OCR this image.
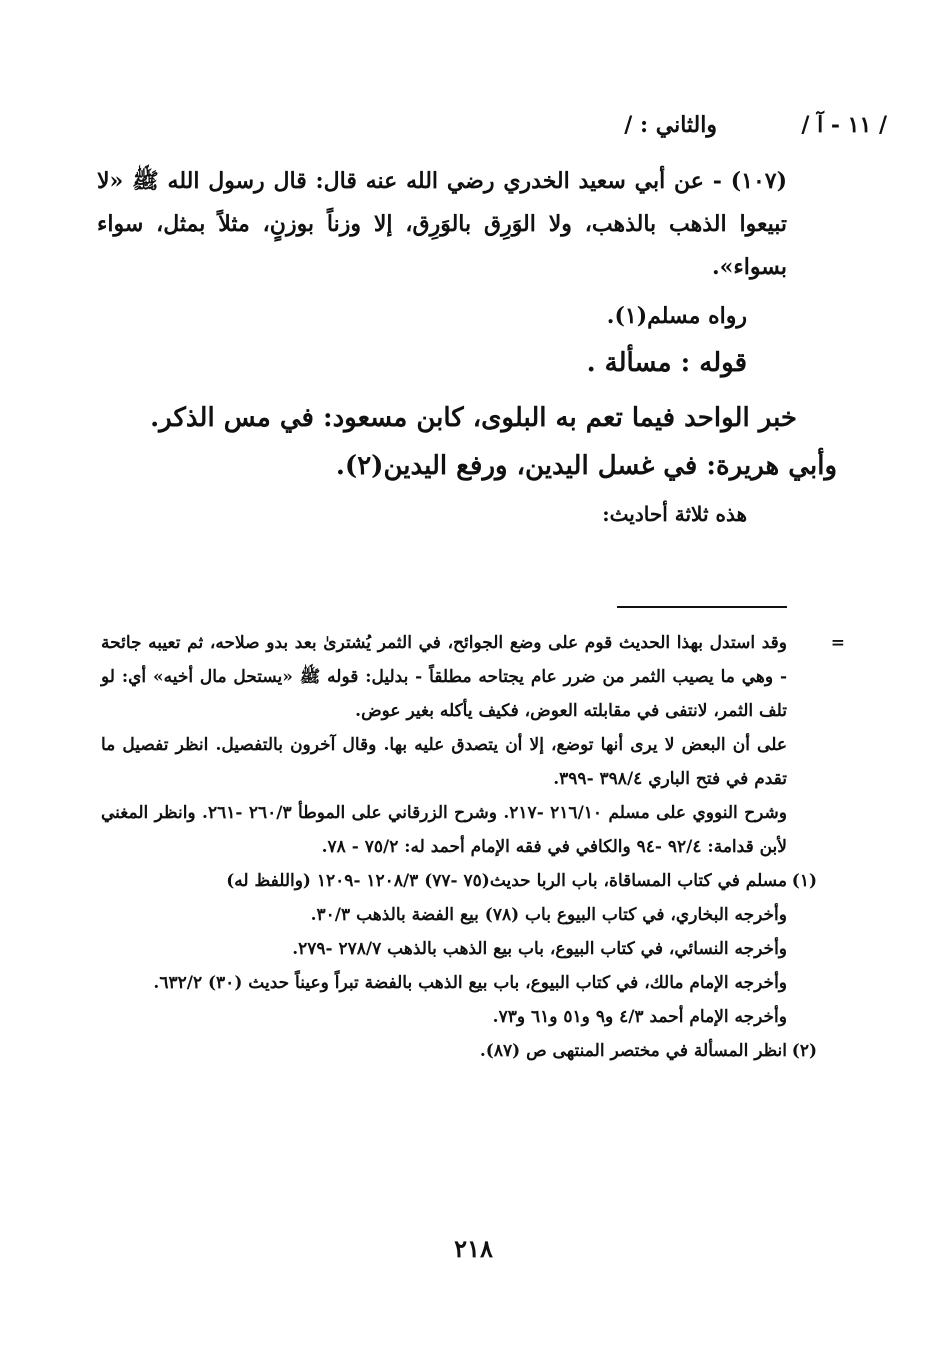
/ ١١ - آ /
والثاني : /

(١٠٧) - عن أبي سعيد الخدري رضي الله عنه قال: قال رسول الله ﷺ «لا تبيعوا الذهب بالذهب، ولا الوَرِق بالوَرِق، إلا وزناً بوزنٍ، مثلاً بمثل، سواء بسواء».

رواه مسلم(١).

قوله : مسألة .

خبر الواحد فيما تعم به البلوى، كابن مسعود: في مس الذكر. وأبي هريرة: في غسل اليدين، ورفع اليدين(٢).

هذه ثلاثة أحاديث:

=
وقد استدل بهذا الحديث قوم على وضع الجوائح، في الثمر يُشترىٰ بعد بدو صلاحه، ثم تعيبه جائحة - وهي ما يصيب الثمر من ضرر عام يجتاحه مطلقاً - بدليل: قوله ﷺ «يستحل مال أخيه» أي: لو تلف الثمر، لانتفى في مقابلته العوض، فكيف يأكله بغير عوض.
على أن البعض لا يرى أنها توضع، إلا أن يتصدق عليه بها. وقال آخرون بالتفصيل. انظر تفصيل ما تقدم في فتح الباري ٣٩٨/٤ -٣٩٩.
وشرح النووي على مسلم ٢١٦/١٠ -٢١٧. وشرح الزرقاني على الموطأ ٢٦٠/٣ -٢٦١. وانظر المغني لأبن قدامة: ٩٢/٤ -٩٤ والكافي في فقه الإمام أحمد له: ٧٥/٢ - ٧٨.
(١)
مسلم في كتاب المساقاة، باب الربا حديث(٧٥ -٧٧) ١٢٠٨/٣ -١٢٠٩ (واللفظ له)
وأخرجه البخاري، في كتاب البيوع باب (٧٨) بيع الفضة بالذهب ٣٠/٣.
وأخرجه النسائي، في كتاب البيوع، باب بيع الذهب بالذهب ٢٧٨/٧ -٢٧٩.
وأخرجه الإمام مالك، في كتاب البيوع، باب بيع الذهب بالفضة تبراً وعيناً حديث (٣٠) ٦٣٢/٢.
وأخرجه الإمام أحمد ٤/٣ و٩ و٥١ و٦١ و٧٣.
(٢)
انظر المسألة في مختصر المنتهى ص (٨٧).
٢١٨
